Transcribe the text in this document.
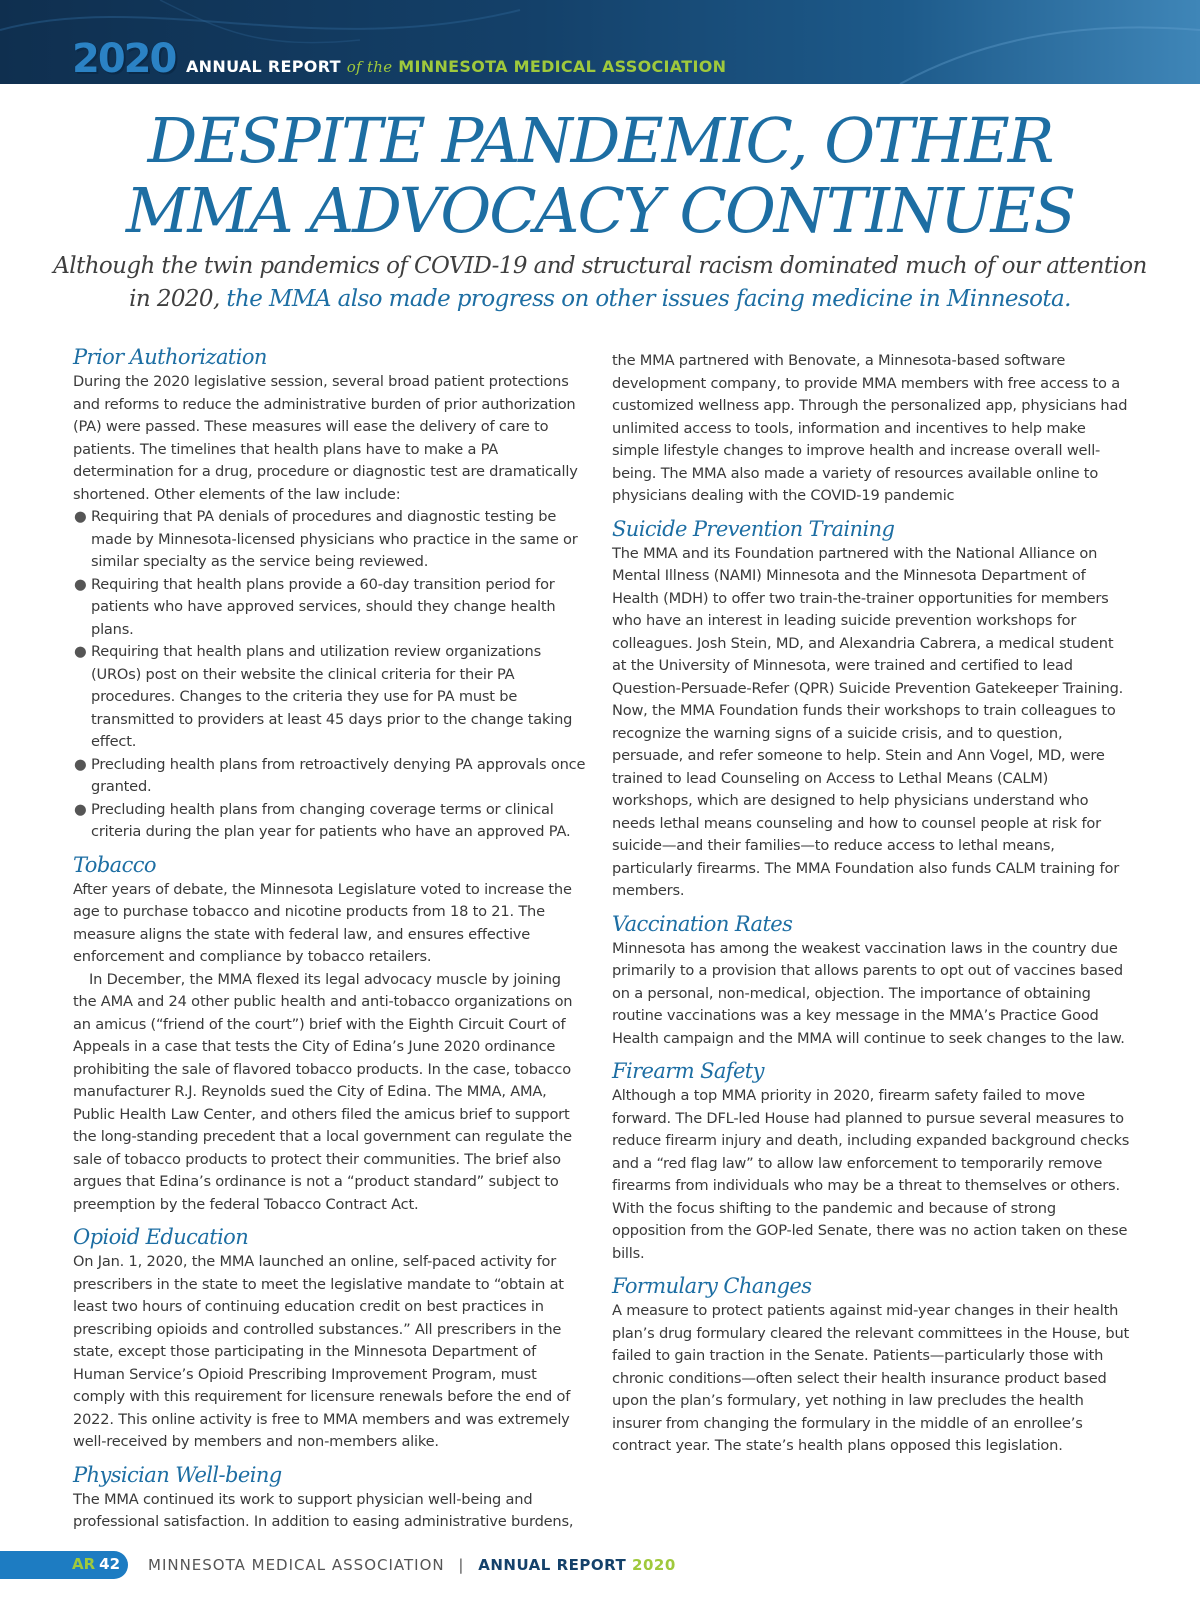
2020 ANNUAL REPORT of the MINNESOTA MEDICAL ASSOCIATION
DESPITE PANDEMIC, OTHER
MMA ADVOCACY CONTINUES

Although the twin pandemics of COVID-19 and structural racism dominated much of our attention in 2020, the MMA also made progress on other issues facing medicine in Minnesota.

Prior Authorization

During the 2020 legislative session, several broad patient protections and reforms to reduce the administrative burden of prior authorization (PA) were passed. These measures will ease the delivery of care to patients. The timelines that health plans have to make a PA determination for a drug, procedure or diagnostic test are dramatically shortened. Other elements of the law include:

● Requiring that PA denials of procedures and diagnostic testing be made by Minnesota-licensed physicians who practice in the same or similar specialty as the service being reviewed.
● Requiring that health plans provide a 60-day transition period for patients who have approved services, should they change health plans.
● Requiring that health plans and utilization review organizations (UROs) post on their website the clinical criteria for their PA procedures. Changes to the criteria they use for PA must be transmitted to providers at least 45 days prior to the change taking effect.
● Precluding health plans from retroactively denying PA approvals once granted.
● Precluding health plans from changing coverage terms or clinical criteria during the plan year for patients who have an approved PA.
Tobacco

After years of debate, the Minnesota Legislature voted to increase the age to purchase tobacco and nicotine products from 18 to 21. The measure aligns the state with federal law, and ensures effective enforcement and compliance by tobacco retailers.

In December, the MMA flexed its legal advocacy muscle by joining the AMA and 24 other public health and anti-tobacco organizations on an amicus (“friend of the court”) brief with the Eighth Circuit Court of Appeals in a case that tests the City of Edina’s June 2020 ordinance prohibiting the sale of flavored tobacco products. In the case, tobacco manufacturer R.J. Reynolds sued the City of Edina. The MMA, AMA, Public Health Law Center, and others filed the amicus brief to support the long-standing precedent that a local government can regulate the sale of tobacco products to protect their communities. The brief also argues that Edina’s ordinance is not a “product standard” subject to preemption by the federal Tobacco Contract Act.

Opioid Education

On Jan. 1, 2020, the MMA launched an online, self-paced activity for prescribers in the state to meet the legislative mandate to “obtain at least two hours of continuing education credit on best practices in prescribing opioids and controlled substances.” All prescribers in the state, except those participating in the Minnesota Department of Human Service’s Opioid Prescribing Improvement Program, must comply with this requirement for licensure renewals before the end of 2022. This online activity is free to MMA members and was extremely well-received by members and non-members alike.

Physician Well-being

The MMA continued its work to support physician well-being and professional satisfaction. In addition to easing administrative burdens,

the MMA partnered with Benovate, a Minnesota-based software development company, to provide MMA members with free access to a customized wellness app. Through the personalized app, physicians had unlimited access to tools, information and incentives to help make simple lifestyle changes to improve health and increase overall well-being. The MMA also made a variety of resources available online to physicians dealing with the COVID-19 pandemic

Suicide Prevention Training

The MMA and its Foundation partnered with the National Alliance on Mental Illness (NAMI) Minnesota and the Minnesota Department of Health (MDH) to offer two train-the-trainer opportunities for members who have an interest in leading suicide prevention workshops for colleagues. Josh Stein, MD, and Alexandria Cabrera, a medical student at the University of Minnesota, were trained and certified to lead Question-Persuade-Refer (QPR) Suicide Prevention Gatekeeper Training. Now, the MMA Foundation funds their workshops to train colleagues to recognize the warning signs of a suicide crisis, and to question, persuade, and refer someone to help. Stein and Ann Vogel, MD, were trained to lead Counseling on Access to Lethal Means (CALM) workshops, which are designed to help physicians understand who needs lethal means counseling and how to counsel people at risk for suicide—and their families—to reduce access to lethal means, particularly firearms. The MMA Foundation also funds CALM training for members.

Vaccination Rates

Minnesota has among the weakest vaccination laws in the country due primarily to a provision that allows parents to opt out of vaccines based on a personal, non-medical, objection. The importance of obtaining routine vaccinations was a key message in the MMA’s Practice Good Health campaign and the MMA will continue to seek changes to the law.

Firearm Safety

Although a top MMA priority in 2020, firearm safety failed to move forward. The DFL-led House had planned to pursue several measures to reduce firearm injury and death, including expanded background checks and a “red flag law” to allow law enforcement to temporarily remove firearms from individuals who may be a threat to themselves or others. With the focus shifting to the pandemic and because of strong opposition from the GOP-led Senate, there was no action taken on these bills.

Formulary Changes

A measure to protect patients against mid-year changes in their health plan’s drug formulary cleared the relevant committees in the House, but failed to gain traction in the Senate. Patients—particularly those with chronic conditions—often select their health insurance product based upon the plan’s formulary, yet nothing in law precludes the health insurer from changing the formulary in the middle of an enrollee’s contract year. The state’s health plans opposed this legislation.

AR 42 MINNESOTA MEDICAL ASSOCIATION | ANNUAL REPORT 2020
